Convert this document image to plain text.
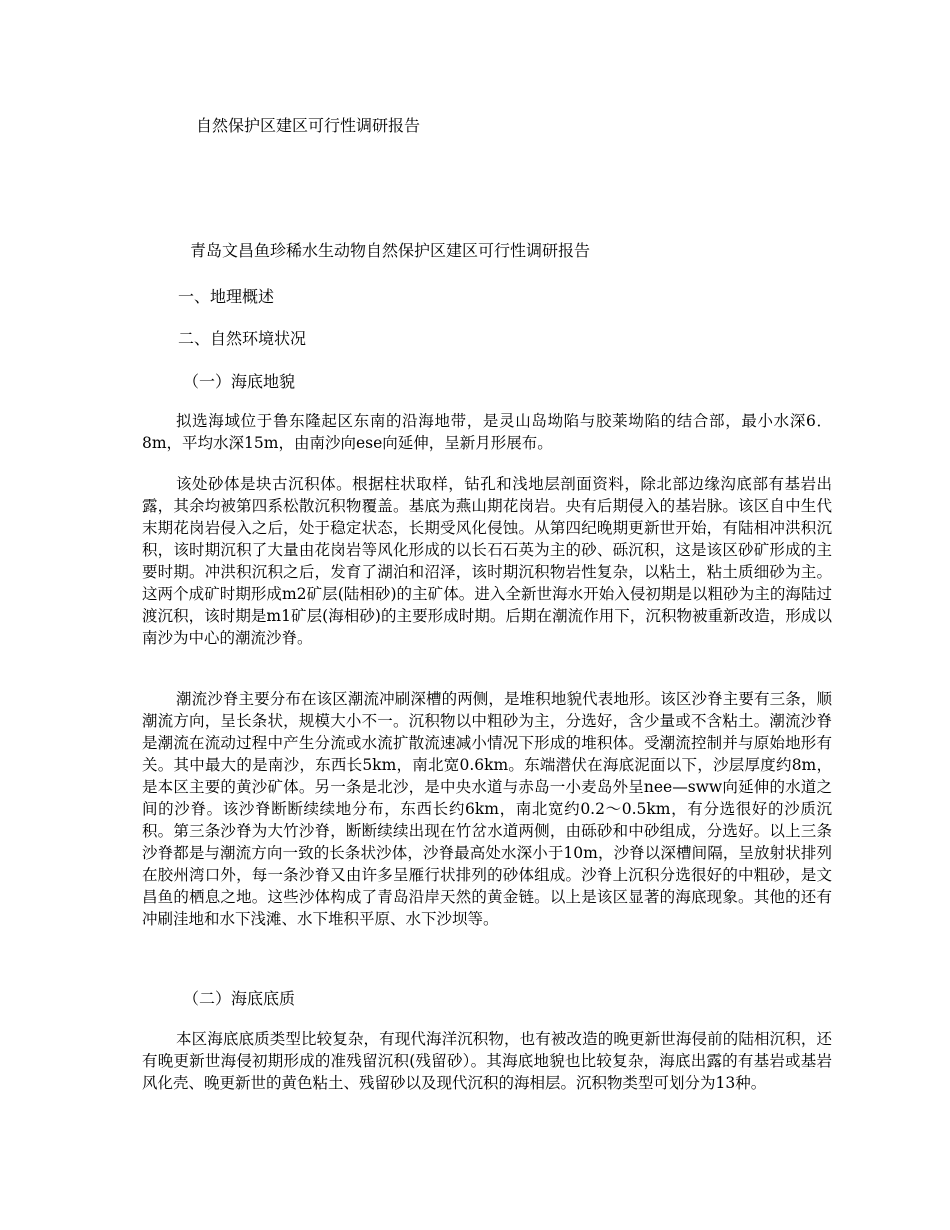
自然保护区建区可行性调研报告
青岛文昌鱼珍稀水生动物自然保护区建区可行性调研报告
一、地理概述
二、自然环境状况
（一）海底地貌

拟选海域位于鲁东隆起区东南的沿海地带，是灵山岛坳陷与胶莱坳陷的结合部，最小水深6．8m，平均水深15m，由南沙向ese向延伸，呈新月形展布。

该处砂体是块古沉积体。根据柱状取样，钻孔和浅地层剖面资料，除北部边缘沟底部有基岩出露，其余均被第四系松散沉积物覆盖。基底为燕山期花岗岩。央有后期侵入的基岩脉。该区自中生代末期花岗岩侵入之后，处于稳定状态，长期受风化侵蚀。从第四纪晚期更新世开始，有陆相冲洪积沉积，该时期沉积了大量由花岗岩等风化形成的以长石石英为主的砂、砾沉积，这是该区砂矿形成的主要时期。冲洪积沉积之后，发育了湖泊和沼泽，该时期沉积物岩性复杂，以粘土，粘土质细砂为主。这两个成矿时期形成m2矿层(陆相砂)的主矿体。进入全新世海水开始入侵初期是以粗砂为主的海陆过渡沉积，该时期是m1矿层(海相砂)的主要形成时期。后期在潮流作用下，沉积物被重新改造，形成以南沙为中心的潮流沙脊。

潮流沙脊主要分布在该区潮流冲刷深槽的两侧，是堆积地貌代表地形。该区沙脊主要有三条，顺潮流方向，呈长条状，规模大小不一。沉积物以中粗砂为主，分选好，含少量或不含粘土。潮流沙脊是潮流在流动过程中产生分流或水流扩散流速减小情况下形成的堆积体。受潮流控制并与原始地形有关。其中最大的是南沙，东西长5km，南北宽0.6km。东端潜伏在海底泥面以下，沙层厚度约8m，是本区主要的黄沙矿体。另一条是北沙，是中央水道与赤岛一小麦岛外呈nee—sww向延伸的水道之间的沙脊。该沙脊断断续续地分布，东西长约6km，南北宽约0.2～0.5km，有分选很好的沙质沉积。第三条沙脊为大竹沙脊，断断续续出现在竹岔水道两侧，由砾砂和中砂组成，分选好。以上三条沙脊都是与潮流方向一致的长条状沙体，沙脊最高处水深小于10m，沙脊以深槽间隔，呈放射状排列在胶州湾口外，每一条沙脊又由许多呈雁行状排列的砂体组成。沙脊上沉积分选很好的中粗砂，是文昌鱼的栖息之地。这些沙体构成了青岛沿岸天然的黄金链。以上是该区显著的海底现象。其他的还有冲刷洼地和水下浅滩、水下堆积平原、水下沙坝等。

（二）海底底质

本区海底底质类型比较复杂，有现代海洋沉积物，也有被改造的晚更新世海侵前的陆相沉积，还有晚更新世海侵初期形成的准残留沉积(残留砂）。其海底地貌也比较复杂，海底出露的有基岩或基岩风化壳、晚更新世的黄色粘土、残留砂以及现代沉积的海相层。沉积物类型可划分为13种。
